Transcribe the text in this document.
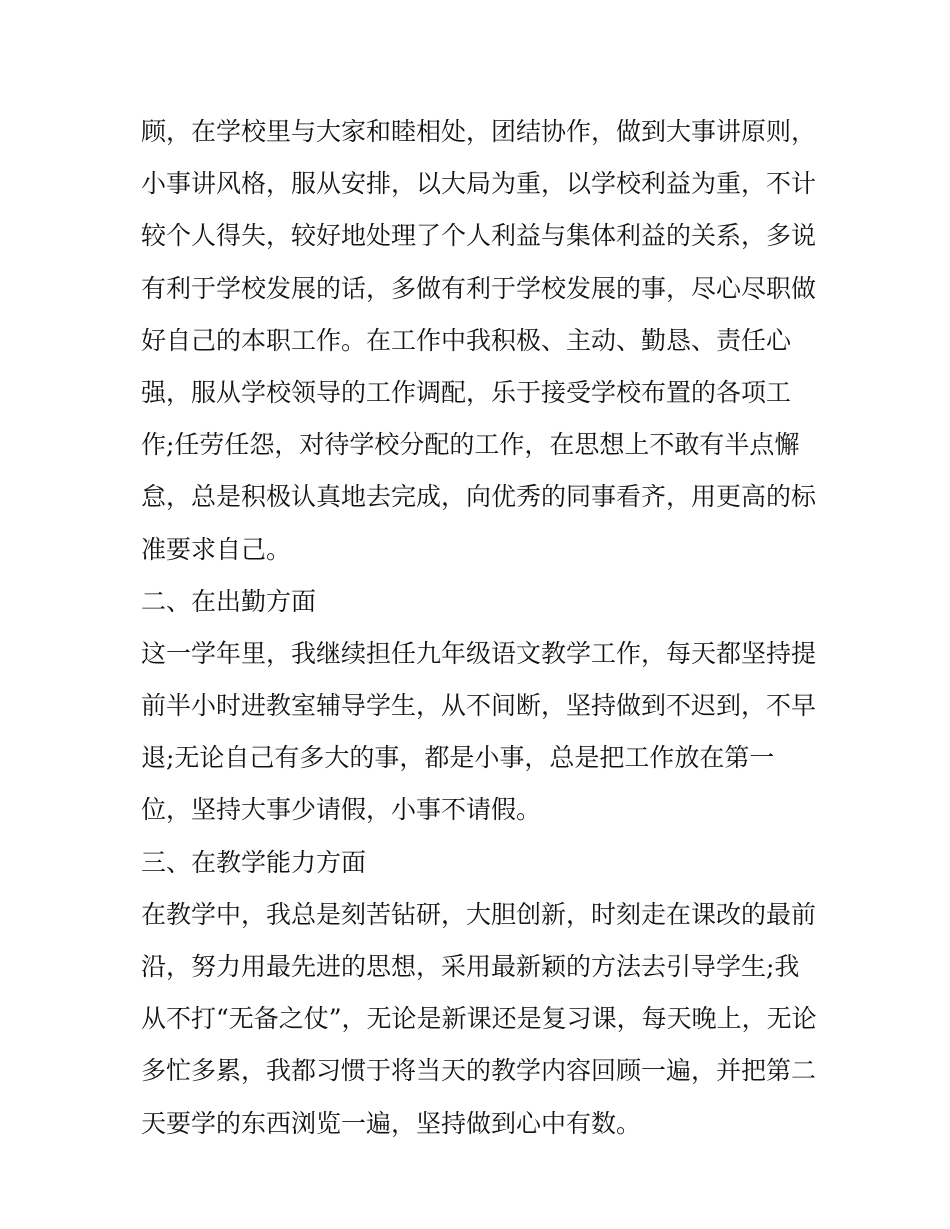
顾，在学校里与大家和睦相处，团结协作，做到大事讲原则，
小事讲风格，服从安排，以大局为重，以学校利益为重，不计
较个人得失，较好地处理了个人利益与集体利益的关系，多说
有利于学校发展的话，多做有利于学校发展的事，尽心尽职做
好自己的本职工作。在工作中我积极、主动、勤恳、责任心
强，服从学校领导的工作调配，乐于接受学校布置的各项工
作;任劳任怨，对待学校分配的工作，在思想上不敢有半点懈
怠，总是积极认真地去完成，向优秀的同事看齐，用更高的标
准要求自己。
二、在出勤方面
这一学年里，我继续担任九年级语文教学工作，每天都坚持提
前半小时进教室辅导学生，从不间断，坚持做到不迟到，不早
退;无论自己有多大的事，都是小事，总是把工作放在第一
位，坚持大事少请假，小事不请假。
三、在教学能力方面
在教学中，我总是刻苦钻研，大胆创新，时刻走在课改的最前
沿，努力用最先进的思想，采用最新颖的方法去引导学生;我
从不打“无备之仗”，无论是新课还是复习课，每天晚上，无论
多忙多累，我都习惯于将当天的教学内容回顾一遍，并把第二
天要学的东西浏览一遍，坚持做到心中有数。
